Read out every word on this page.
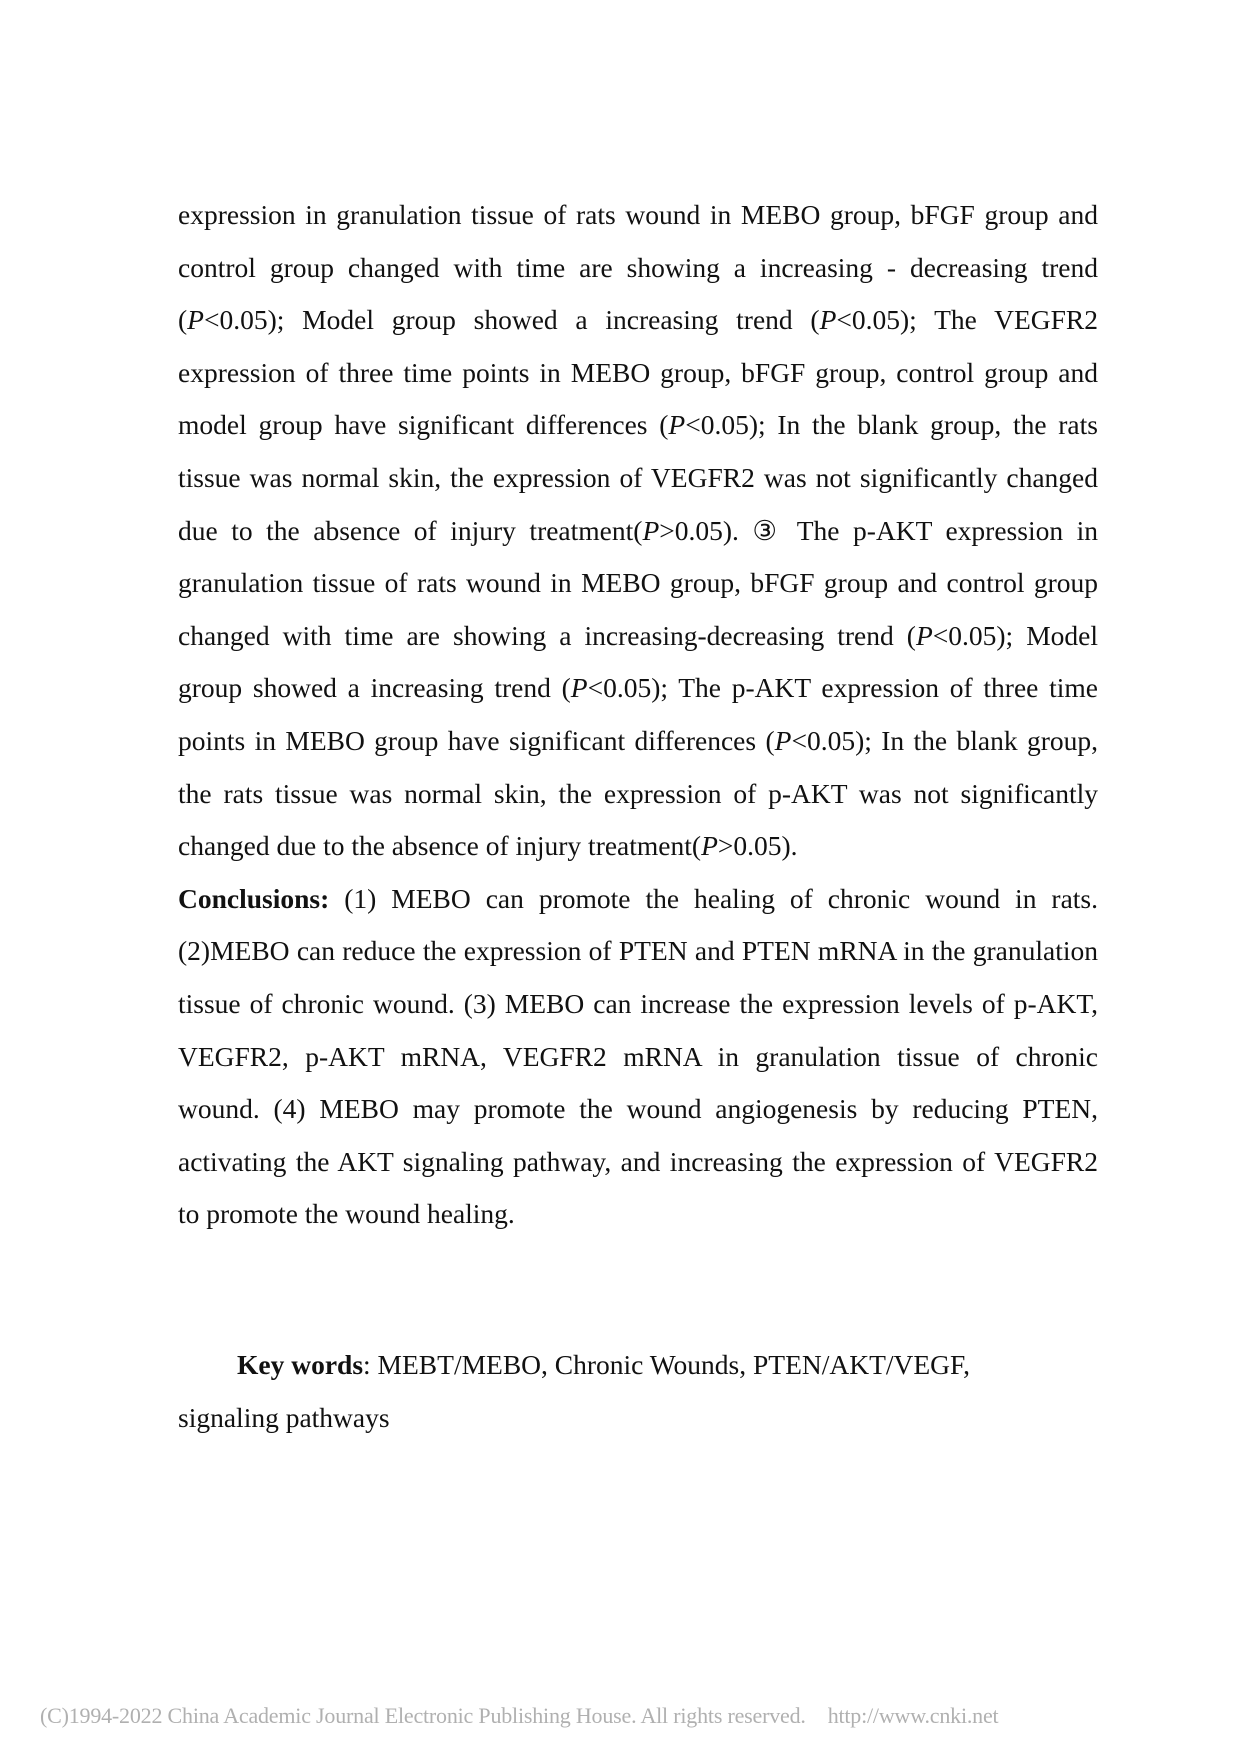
expression in granulation tissue of rats wound in MEBO group, bFGF group and control group changed with time are showing a increasing - decreasing trend (P<0.05); Model group showed a increasing trend (P<0.05); The VEGFR2 expression of three time points in MEBO group, bFGF group, control group and model group have significant differences (P<0.05); In the blank group, the rats tissue was normal skin, the expression of VEGFR2 was not significantly changed due to the absence of injury treatment(P>0.05). ③ The p-AKT expression in granulation tissue of rats wound in MEBO group, bFGF group and control group changed with time are showing a increasing-decreasing trend (P<0.05); Model group showed a increasing trend (P<0.05); The p-AKT expression of three time points in MEBO group have significant differences (P<0.05); In the blank group, the rats tissue was normal skin, the expression of p-AKT was not significantly changed due to the absence of injury treatment(P>0.05).

Conclusions: (1) MEBO can promote the healing of chronic wound in rats. (2)MEBO can reduce the expression of PTEN and PTEN mRNA in the granulation tissue of chronic wound. (3) MEBO can increase the expression levels of p-AKT, VEGFR2, p-AKT mRNA, VEGFR2 mRNA in granulation tissue of chronic wound. (4) MEBO may promote the wound angiogenesis by reducing PTEN, activating the AKT signaling pathway, and increasing the expression of VEGFR2 to promote the wound healing.

Key words: MEBT/MEBO, Chronic Wounds, PTEN/AKT/VEGF,
signaling pathways
(C)1994-2022 China Academic Journal Electronic Publishing House. All rights reserved. http://www.cnki.net
